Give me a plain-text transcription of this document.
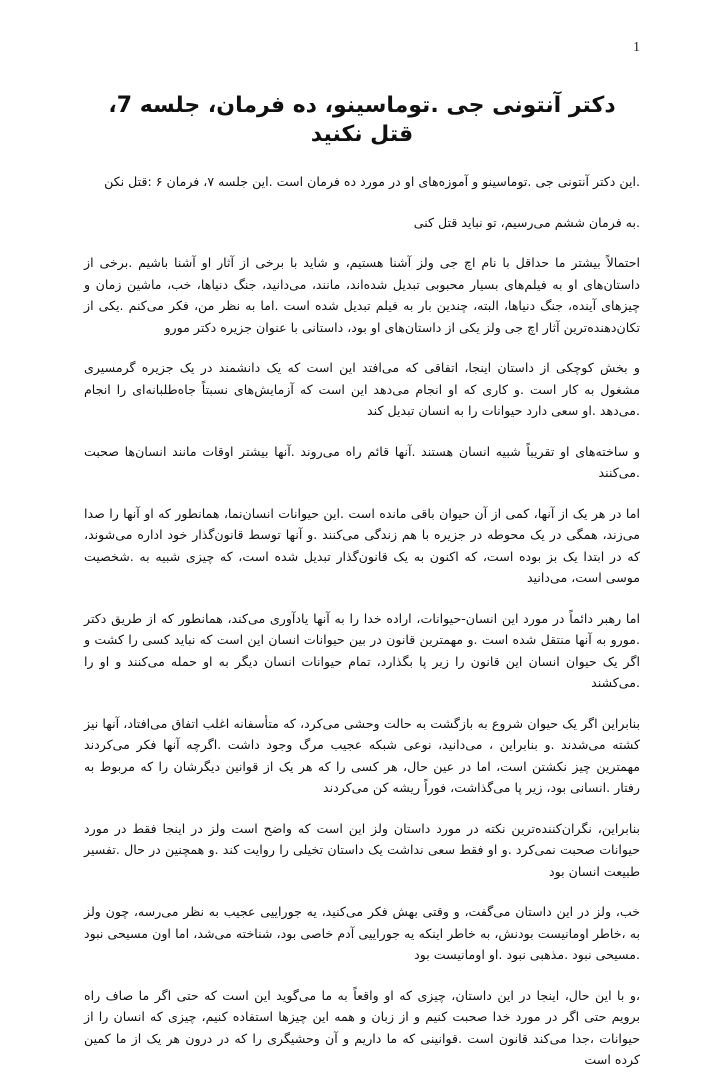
1
دکتر آنتونی جی .توماسینو، ده فرمان، جلسه 7، قتل نکنید

.این دکتر آنتونی جی .توماسینو و آموزه‌های او در مورد ده فرمان است .این جلسه ۷، فرمان ۶ :قتل نکن

.به فرمان ششم می‌رسیم، تو نباید قتل کنی

احتمالاً بیشتر ما حداقل با نام اچ جی ولز آشنا هستیم، و شاید با برخی از آثار او آشنا باشیم .برخی از داستان‌های او به فیلم‌های بسیار محبوبی تبدیل شده‌اند، مانند، می‌دانید، جنگ دنیاها، خب، ماشین زمان و چیزهای آینده، جنگ دنیاها، البته، چندین بار به فیلم تبدیل شده است .اما به نظر من، فکر می‌کنم .یکی از تکان‌دهنده‌ترین آثار اچ جی ولز یکی از داستان‌های او بود، داستانی با عنوان جزیره دکتر مورو

و بخش کوچکی از داستان اینجا، اتفاقی که می‌افتد این است که یک دانشمند در یک جزیره گرمسیری مشغول به کار است .و کاری که او انجام می‌دهد این است که آزمایش‌های نسبتاً جاه‌طلبانه‌ای را انجام .می‌دهد .او سعی دارد حیوانات را به انسان تبدیل کند

و ساخته‌های او تقریباً شبیه انسان هستند .آنها قائم راه می‌روند .آنها بیشتر اوقات مانند انسان‌ها صحبت .می‌کنند

اما در هر یک از آنها، کمی از آن حیوان باقی مانده است .این حیوانات انسان‌نما، همانطور که او آنها را صدا می‌زند، همگی در یک محوطه در جزیره با هم زندگی می‌کنند .و آنها توسط قانون‌گذار خود اداره می‌شوند، که در ابتدا یک بز بوده است، که اکنون به یک قانون‌گذار تبدیل شده است، که چیزی شبیه به .شخصیت موسی است، می‌دانید

اما رهبر دائماً در مورد این انسان-حیوانات، اراده خدا را به آنها یادآوری می‌کند، همانطور که از طریق دکتر .مورو به آنها منتقل شده است .و مهمترین قانون در بین حیوانات انسان این است که نباید کسی را کشت و اگر یک حیوان انسان این قانون را زیر پا بگذارد، تمام حیوانات انسان دیگر به او حمله می‌کنند و او را .می‌کشند

بنابراین اگر یک حیوان شروع به بازگشت به حالت وحشی می‌کرد، که متأسفانه اغلب اتفاق می‌افتاد، آنها نیز کشته می‌شدند .و بنابراین ، می‌دانید، نوعی شبکه عجیب مرگ وجود داشت .اگرچه آنها فکر می‌کردند مهمترین چیز نکشتن است، اما در عین حال، هر کسی را که هر یک از قوانین دیگرشان را که مربوط به رفتار .انسانی بود، زیر پا می‌گذاشت، فوراً ریشه کن می‌کردند

بنابراین، نگران‌کننده‌ترین نکته در مورد داستان ولز این است که واضح است ولز در اینجا فقط در مورد حیوانات صحبت نمی‌کرد .و او فقط سعی نداشت یک داستان تخیلی را روایت کند .و همچنین در حال .تفسیر طبیعت انسان بود

خب، ولز در این داستان می‌گفت، و وقتی بهش فکر می‌کنید، یه جوراییی عجیب به نظر می‌رسه، چون ولز به ،خاطر اومانیست بودنش، به خاطر اینکه یه جوراییی آدم خاصی بود، شناخته می‌شد، اما اون مسیحی نبود .مسیحی نبود .مذهبی نبود .او اومانیست بود

،و با این حال، اینجا در این داستان، چیزی که او واقعاً به ما می‌گوید این است که حتی اگر ما صاف راه برویم حتی اگر در مورد خدا صحبت کنیم و از زبان و همه این چیزها استفاده کنیم، چیزی که انسان را از حیوانات ،جدا می‌کند قانون است .قوانینی که ما داریم و آن وحشیگری را که در درون هر یک از ما کمین کرده است
